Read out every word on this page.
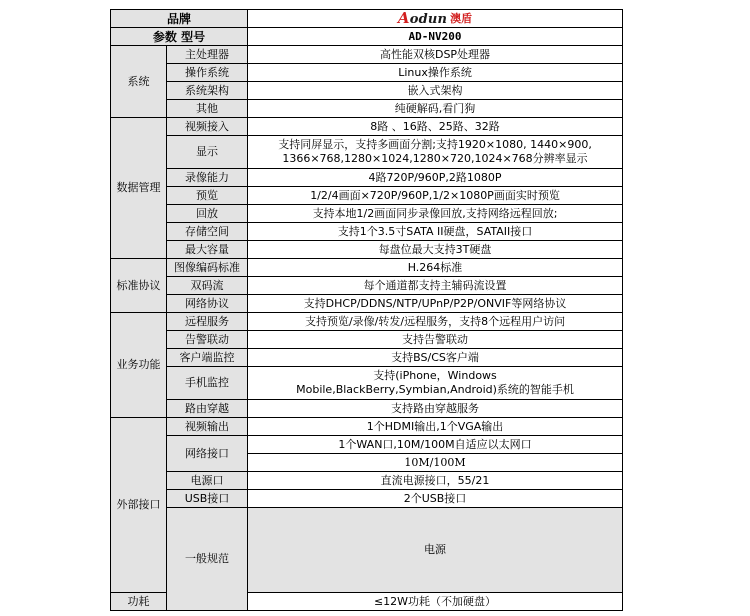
品牌		Aodun 澳盾	

参数 型号		AD-NV200	
系统	主处理器	高性能双核DSP处理器	
	操作系统	Linux操作系统	
	系统架构	嵌入式架构	
	其他	纯硬解码,看门狗	
数据管理	视频接入	8路 、16路、25路、32路	
	显示	支持同屏显示，支持多画面分割;支持1920×1080, 1440×900,
1366×768,1280×1024,1280×720,1024×768分辨率显示	

	录像能力	4路720P/960P,2路1080P	
	预览	1/2/4画面×720P/960P,1/2×1080P画面实时预览	
	回放	支持本地1/2画面同步录像回放,支持网络远程回放;	
	存储空间	支持1个3.5寸SATA II硬盘，SATAII接口	
	最大容量	每盘位最大支持3T硬盘	
标准协议	图像编码标准	H.264标准	
	双码流	每个通道都支持主辅码流设置	
	网络协议	支持DHCP/DDNS/NTP/UPnP/P2P/ONVIF等网络协议	
业务功能	远程服务	支持预览/录像/转发/远程服务，支持8个远程用户访问	
	告警联动	支持告警联动	
	客户端监控	支持BS/CS客户端	
	手机监控	支持(iPhone，Windows
Mobile,BlackBerry,Symbian,Android)系统的智能手机	

	路由穿越	支持路由穿越服务	
外部接口	视频输出	1个HDMI输出,1个VGA输出	
	网络接口	1个WAN口,10M/100M自适应以太网口	
		10M/100M	
	电源口	直流电源接口，55/21	
	USB接口	2个USB接口	
	一般规范	电源	
功耗		≤12W功耗（不加硬盘）	
